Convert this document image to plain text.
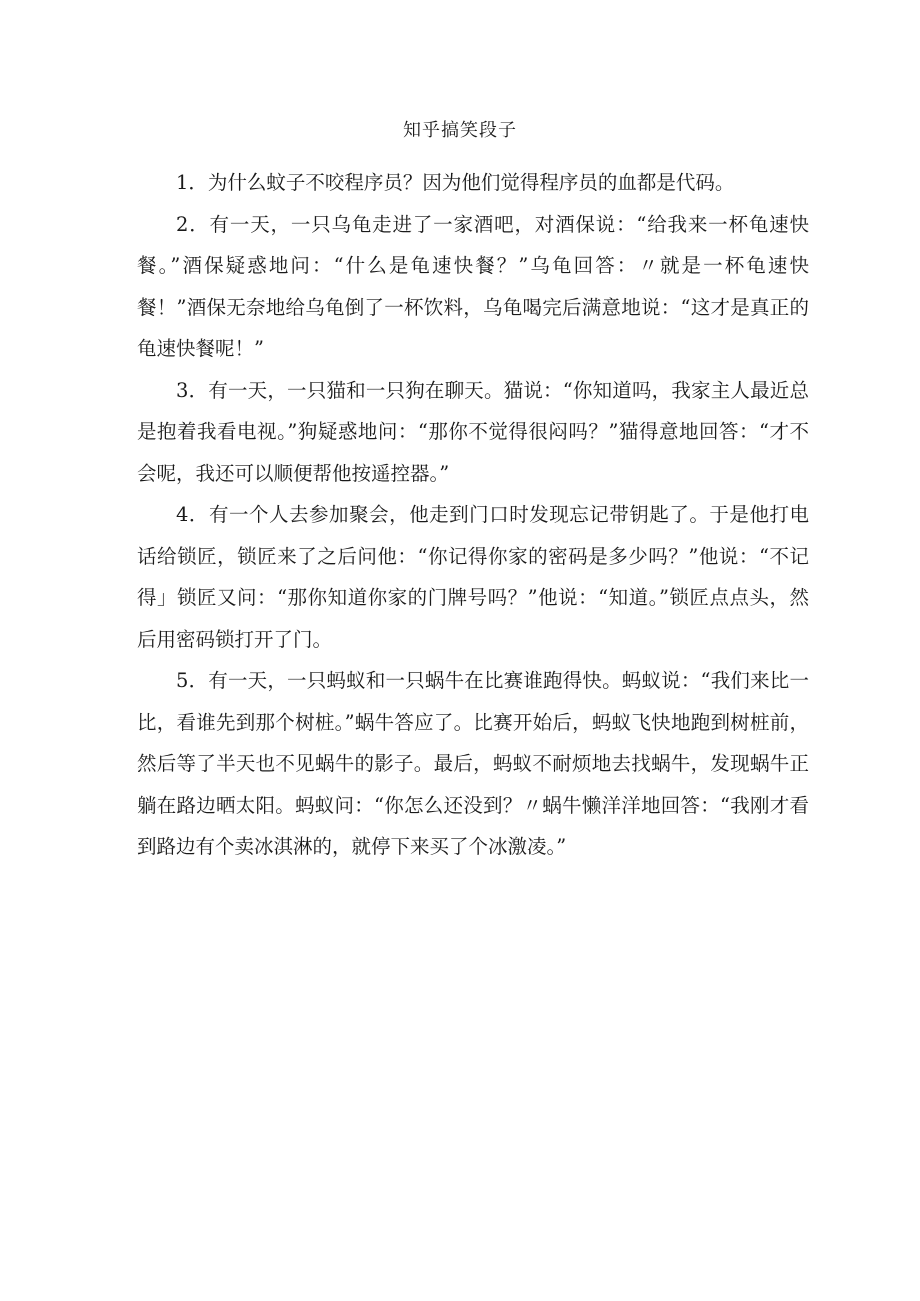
知乎搞笑段子

1．为什么蚊子不咬程序员？因为他们觉得程序员的血都是代码。

2．有一天，一只乌龟走进了一家酒吧，对酒保说：“给我来一杯龟速快餐。”酒保疑惑地问：“什么是龟速快餐？”乌龟回答：〃就是一杯龟速快餐！”酒保无奈地给乌龟倒了一杯饮料，乌龟喝完后满意地说：“这才是真正的龟速快餐呢！”

3．有一天，一只猫和一只狗在聊天。猫说：“你知道吗，我家主人最近总是抱着我看电视。”狗疑惑地问：“那你不觉得很闷吗？”猫得意地回答：“才不会呢，我还可以顺便帮他按遥控器。”

4．有一个人去参加聚会，他走到门口时发现忘记带钥匙了。于是他打电话给锁匠，锁匠来了之后问他：“你记得你家的密码是多少吗？”他说：“不记得」锁匠又问：“那你知道你家的门牌号吗？”他说：“知道。”锁匠点点头，然后用密码锁打开了门。

5．有一天，一只蚂蚁和一只蜗牛在比赛谁跑得快。蚂蚁说：“我们来比一比，看谁先到那个树桩。”蜗牛答应了。比赛开始后，蚂蚁飞快地跑到树桩前，然后等了半天也不见蜗牛的影子。最后，蚂蚁不耐烦地去找蜗牛，发现蜗牛正躺在路边晒太阳。蚂蚁问：“你怎么还没到？〃蜗牛懒洋洋地回答：“我刚才看到路边有个卖冰淇淋的，就停下来买了个冰激凌。”
